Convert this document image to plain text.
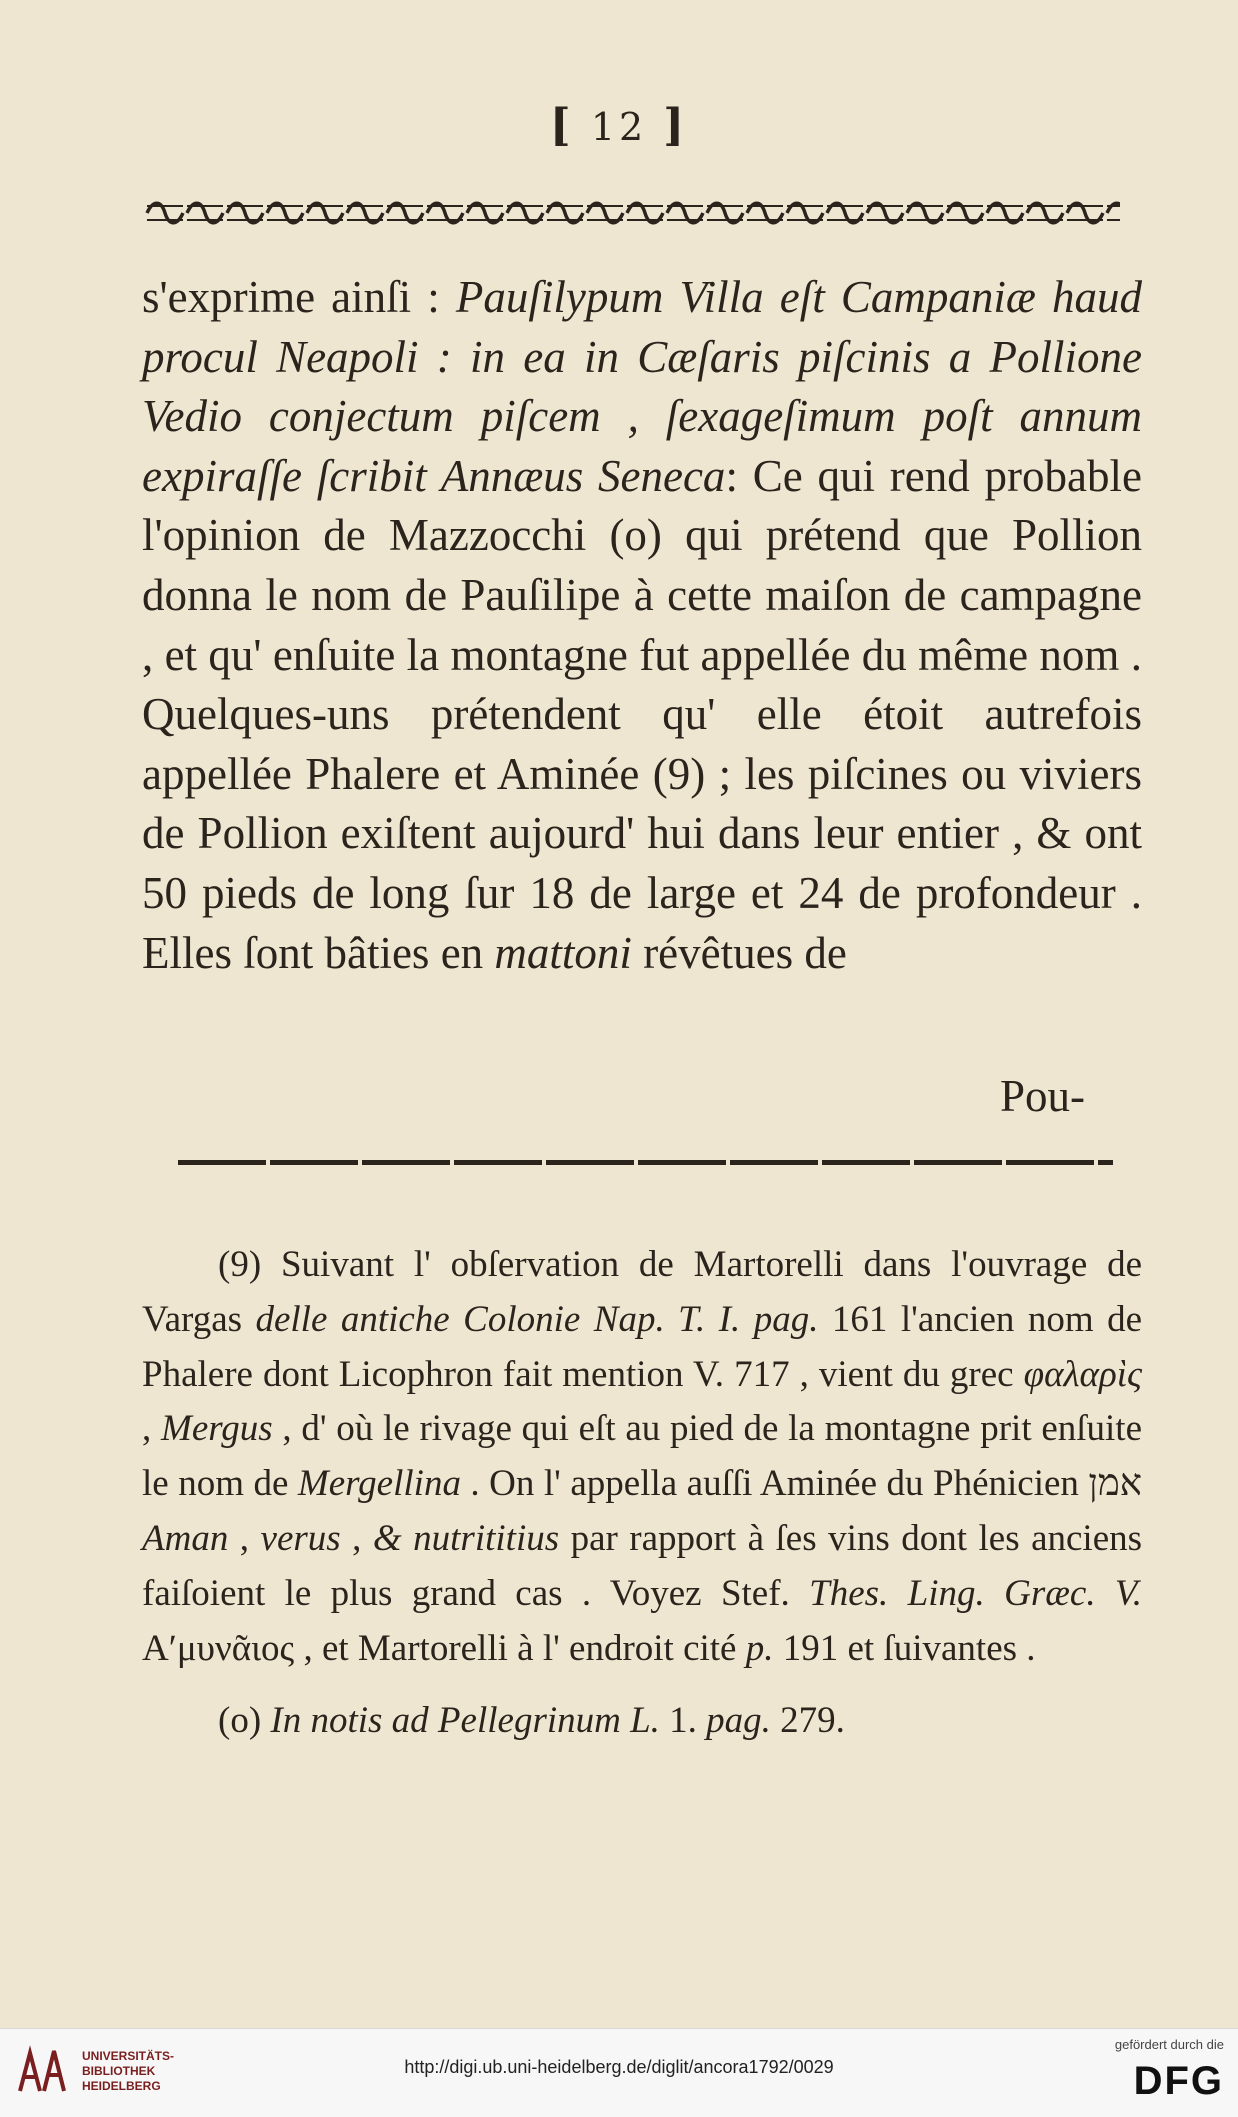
[ 12 ]

s'exprime ainſi : Pauſilypum Villa eſt Campaniæ haud procul Neapoli : in ea in Cæſaris piſcinis a Pollione Vedio conjectum piſcem , ſexageſimum poſt annum expiraſſe ſcribit Annæus Seneca: Ce qui rend probable l'opinion de Mazzocchi (o) qui prétend que Pollion donna le nom de Pauſilipe à cette maiſon de campagne , et qu' enſuite la montagne fut appellée du même nom . Quelques-uns prétendent qu' elle étoit autrefois appellée Phalere et Aminée (9) ; les piſcines ou viviers de Pollion exiſtent aujourd' hui dans leur entier , & ont 50 pieds de long ſur 18 de large et 24 de profondeur . Elles ſont bâties en mattoni révêtues de

Pou-

(9) Suivant l' obſervation de Martorelli dans l'ouvrage de Vargas delle antiche Colonie Nap. T. I. pag. 161 l'ancien nom de Phalere dont Licophron fait mention V. 717 , vient du grec φαλαρὶς , Mergus , d' où le rivage qui eſt au pied de la montagne prit enſuite le nom de Mergellina . On l' appella auſſi Aminée du Phénicien אמן Aman , verus , & nutrititius par rapport à ſes vins dont les anciens faiſoient le plus grand cas . Voyez Stef. Thes. Ling. Græc. V. Αʹμυνᾶιος , et Martorelli à l' endroit cité p. 191 et ſuivantes .

(o) In notis ad Pellegrinum L. 1. pag. 279.

UNIVERSITÄTS-
BIBLIOTHEK
HEIDELBERG
http://digi.ub.uni-heidelberg.de/diglit/ancora1792/0029
gefördert durch die
DFG
